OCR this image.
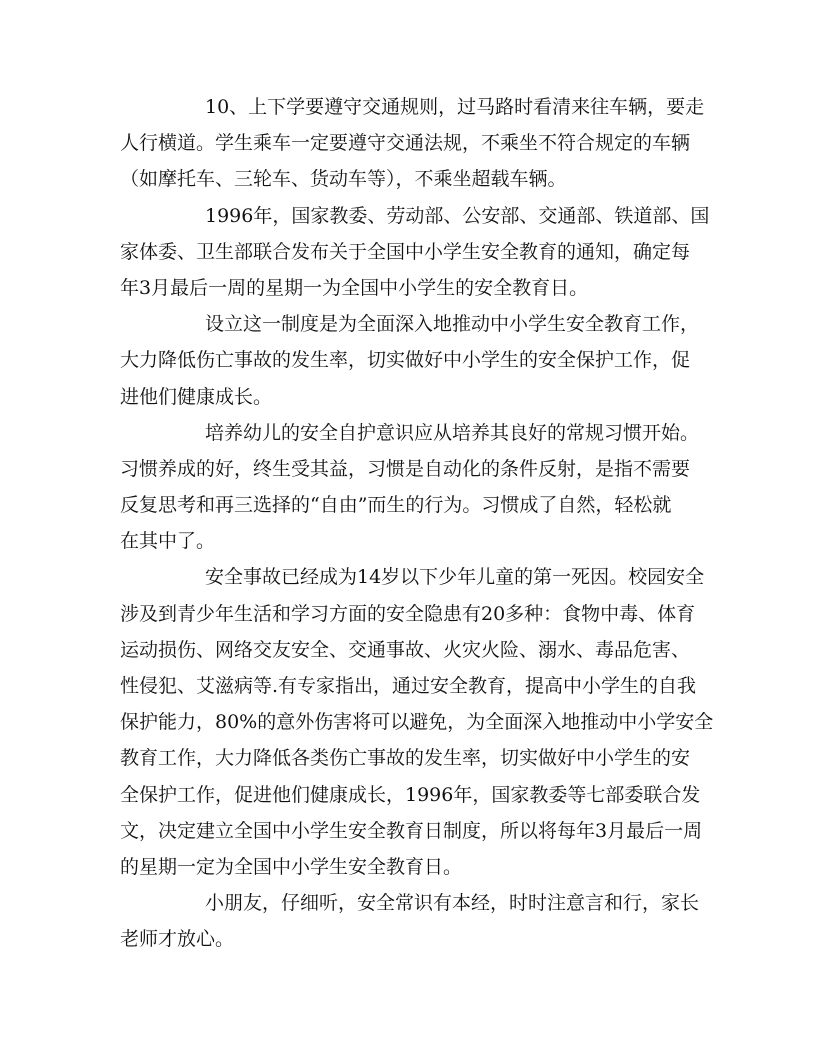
10、上下学要遵守交通规则，过马路时看清来往车辆，要走
人行横道。学生乘车一定要遵守交通法规，不乘坐不符合规定的车辆
（如摩托车、三轮车、货动车等），不乘坐超载车辆。
1996年，国家教委、劳动部、公安部、交通部、铁道部、国
家体委、卫生部联合发布关于全国中小学生安全教育的通知，确定每
年3月最后一周的星期一为全国中小学生的安全教育日。
设立这一制度是为全面深入地推动中小学生安全教育工作，
大力降低伤亡事故的发生率，切实做好中小学生的安全保护工作，促
进他们健康成长。
培养幼儿的安全自护意识应从培养其良好的常规习惯开始。
习惯养成的好，终生受其益，习惯是自动化的条件反射，是指不需要
反复思考和再三选择的“自由”而生的行为。习惯成了自然，轻松就
在其中了。
安全事故已经成为14岁以下少年儿童的第一死因。校园安全
涉及到青少年生活和学习方面的安全隐患有20多种：食物中毒、体育
运动损伤、网络交友安全、交通事故、火灾火险、溺水、毒品危害、
性侵犯、艾滋病等.有专家指出，通过安全教育，提高中小学生的自我
保护能力，80%的意外伤害将可以避免，为全面深入地推动中小学安全
教育工作，大力降低各类伤亡事故的发生率，切实做好中小学生的安
全保护工作，促进他们健康成长，1996年，国家教委等七部委联合发
文，决定建立全国中小学生安全教育日制度，所以将每年3月最后一周
的星期一定为全国中小学生安全教育日。
小朋友，仔细听，安全常识有本经，时时注意言和行，家长
老师才放心。
